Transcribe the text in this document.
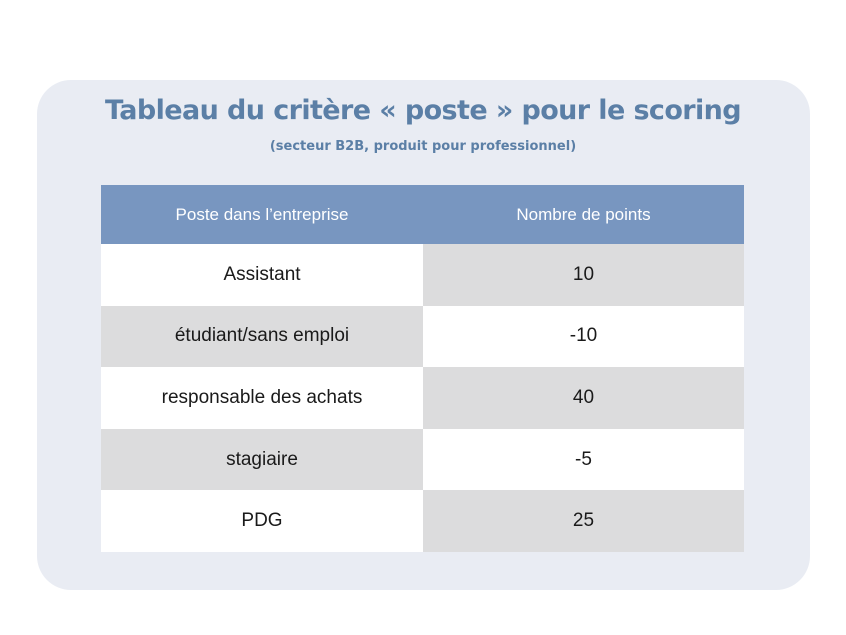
Tableau du critère « poste » pour le scoring
(secteur B2B, produit pour professionnel)
Poste dans l’entreprise	Nombre de points
Assistant	10
étudiant/sans emploi	-10
responsable des achats	40
stagiaire	-5
PDG	25
